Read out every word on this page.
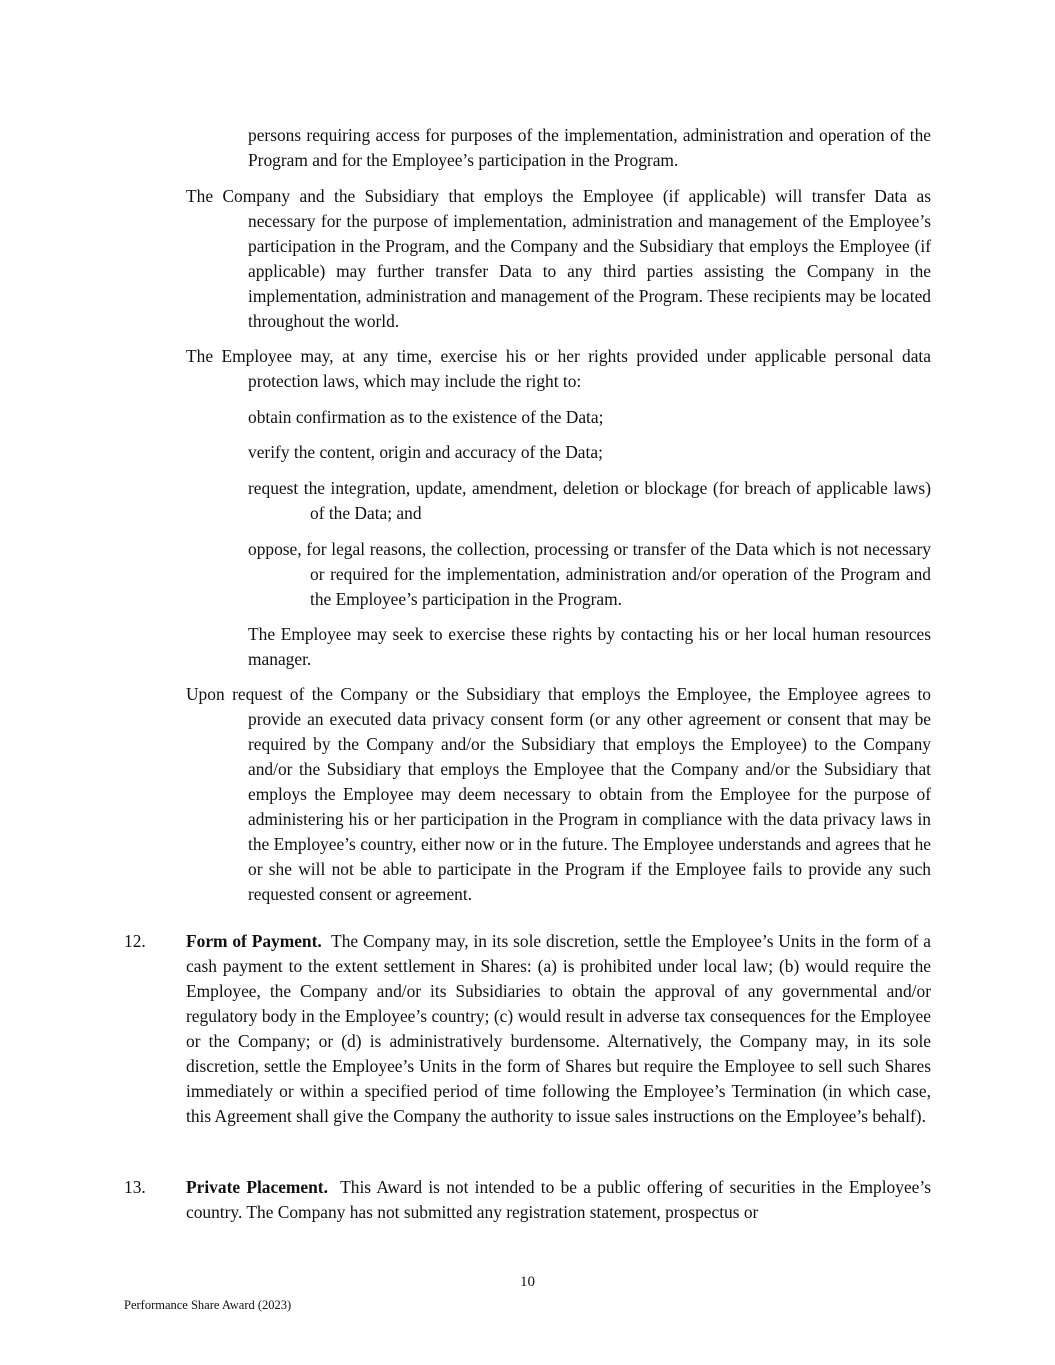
persons requiring access for purposes of the implementation, administration and operation of the Program and for the Employee’s participation in the Program.

The Company and the Subsidiary that employs the Employee (if applicable) will transfer Data as necessary for the purpose of implementation, administration and management of the Employee’s participation in the Program, and the Company and the Subsidiary that employs the Employee (if applicable) may further transfer Data to any third parties assisting the Company in the implementation, administration and management of the Program. These recipients may be located throughout the world.

The Employee may, at any time, exercise his or her rights provided under applicable personal data protection laws, which may include the right to:

obtain confirmation as to the existence of the Data;

verify the content, origin and accuracy of the Data;

request the integration, update, amendment, deletion or blockage (for breach of applicable laws) of the Data; and

oppose, for legal reasons, the collection, processing or transfer of the Data which is not necessary or required for the implementation, administration and/or operation of the Program and the Employee’s participation in the Program.

The Employee may seek to exercise these rights by contacting his or her local human resources manager.

Upon request of the Company or the Subsidiary that employs the Employee, the Employee agrees to provide an executed data privacy consent form (or any other agreement or consent that may be required by the Company and/or the Subsidiary that employs the Employee) to the Company and/or the Subsidiary that employs the Employee that the Company and/or the Subsidiary that employs the Employee may deem necessary to obtain from the Employee for the purpose of administering his or her participation in the Program in compliance with the data privacy laws in the Employee’s country, either now or in the future. The Employee understands and agrees that he or she will not be able to participate in the Program if the Employee fails to provide any such requested consent or agreement.

12. Form of Payment. The Company may, in its sole discretion, settle the Employee’s Units in the form of a cash payment to the extent settlement in Shares: (a) is prohibited under local law; (b) would require the Employee, the Company and/or its Subsidiaries to obtain the approval of any governmental and/or regulatory body in the Employee’s country; (c) would result in adverse tax consequences for the Employee or the Company; or (d) is administratively burdensome. Alternatively, the Company may, in its sole discretion, settle the Employee’s Units in the form of Shares but require the Employee to sell such Shares immediately or within a specified period of time following the Employee’s Termination (in which case, this Agreement shall give the Company the authority to issue sales instructions on the Employee’s behalf).

13. Private Placement. This Award is not intended to be a public offering of securities in the Employee’s country. The Company has not submitted any registration statement, prospectus or

10
Performance Share Award (2023)
